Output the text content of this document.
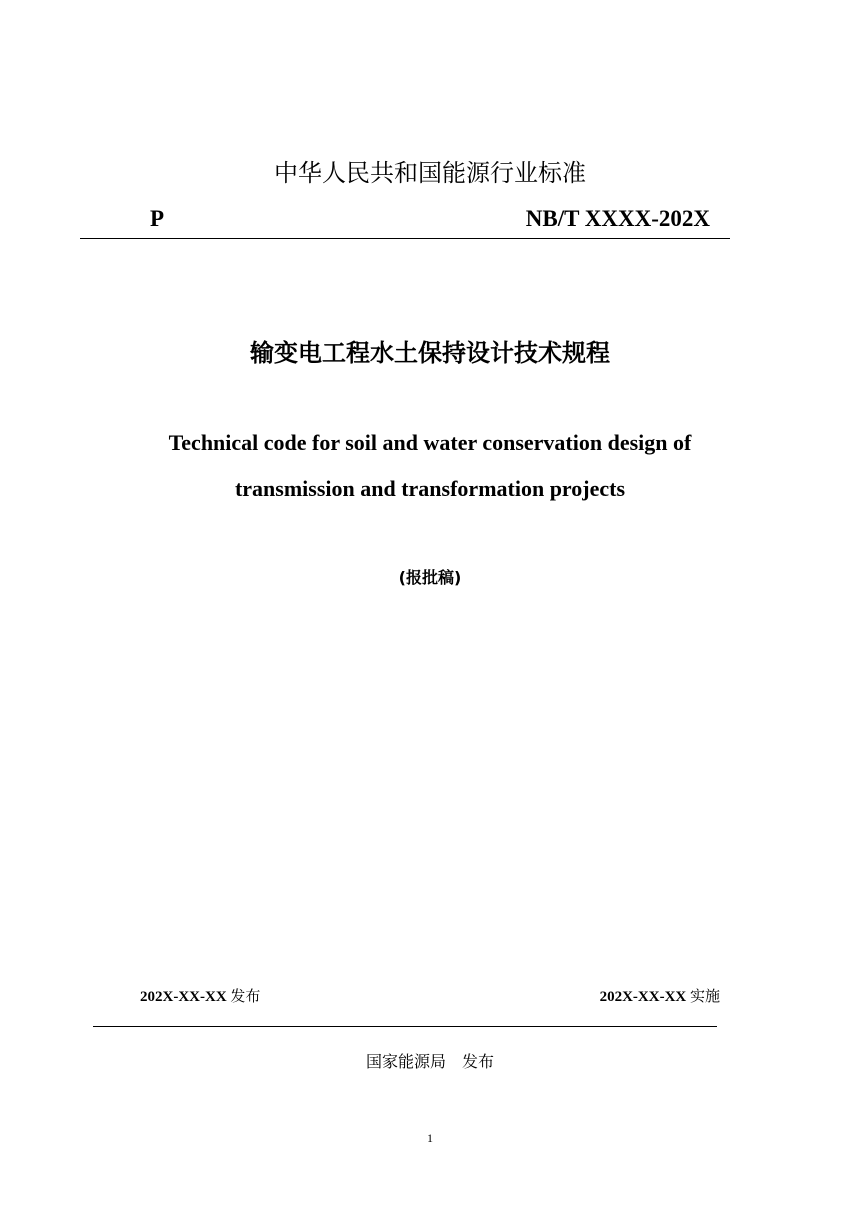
中华人民共和国能源行业标准
P	NB/T XXXX-202X
输变电工程水土保持设计技术规程
Technical code for soil and water conservation design of
transmission and transformation projects
(报批稿)
202X-XX-XX 发布	202X-XX-XX 实施
国家能源局　发布
1
